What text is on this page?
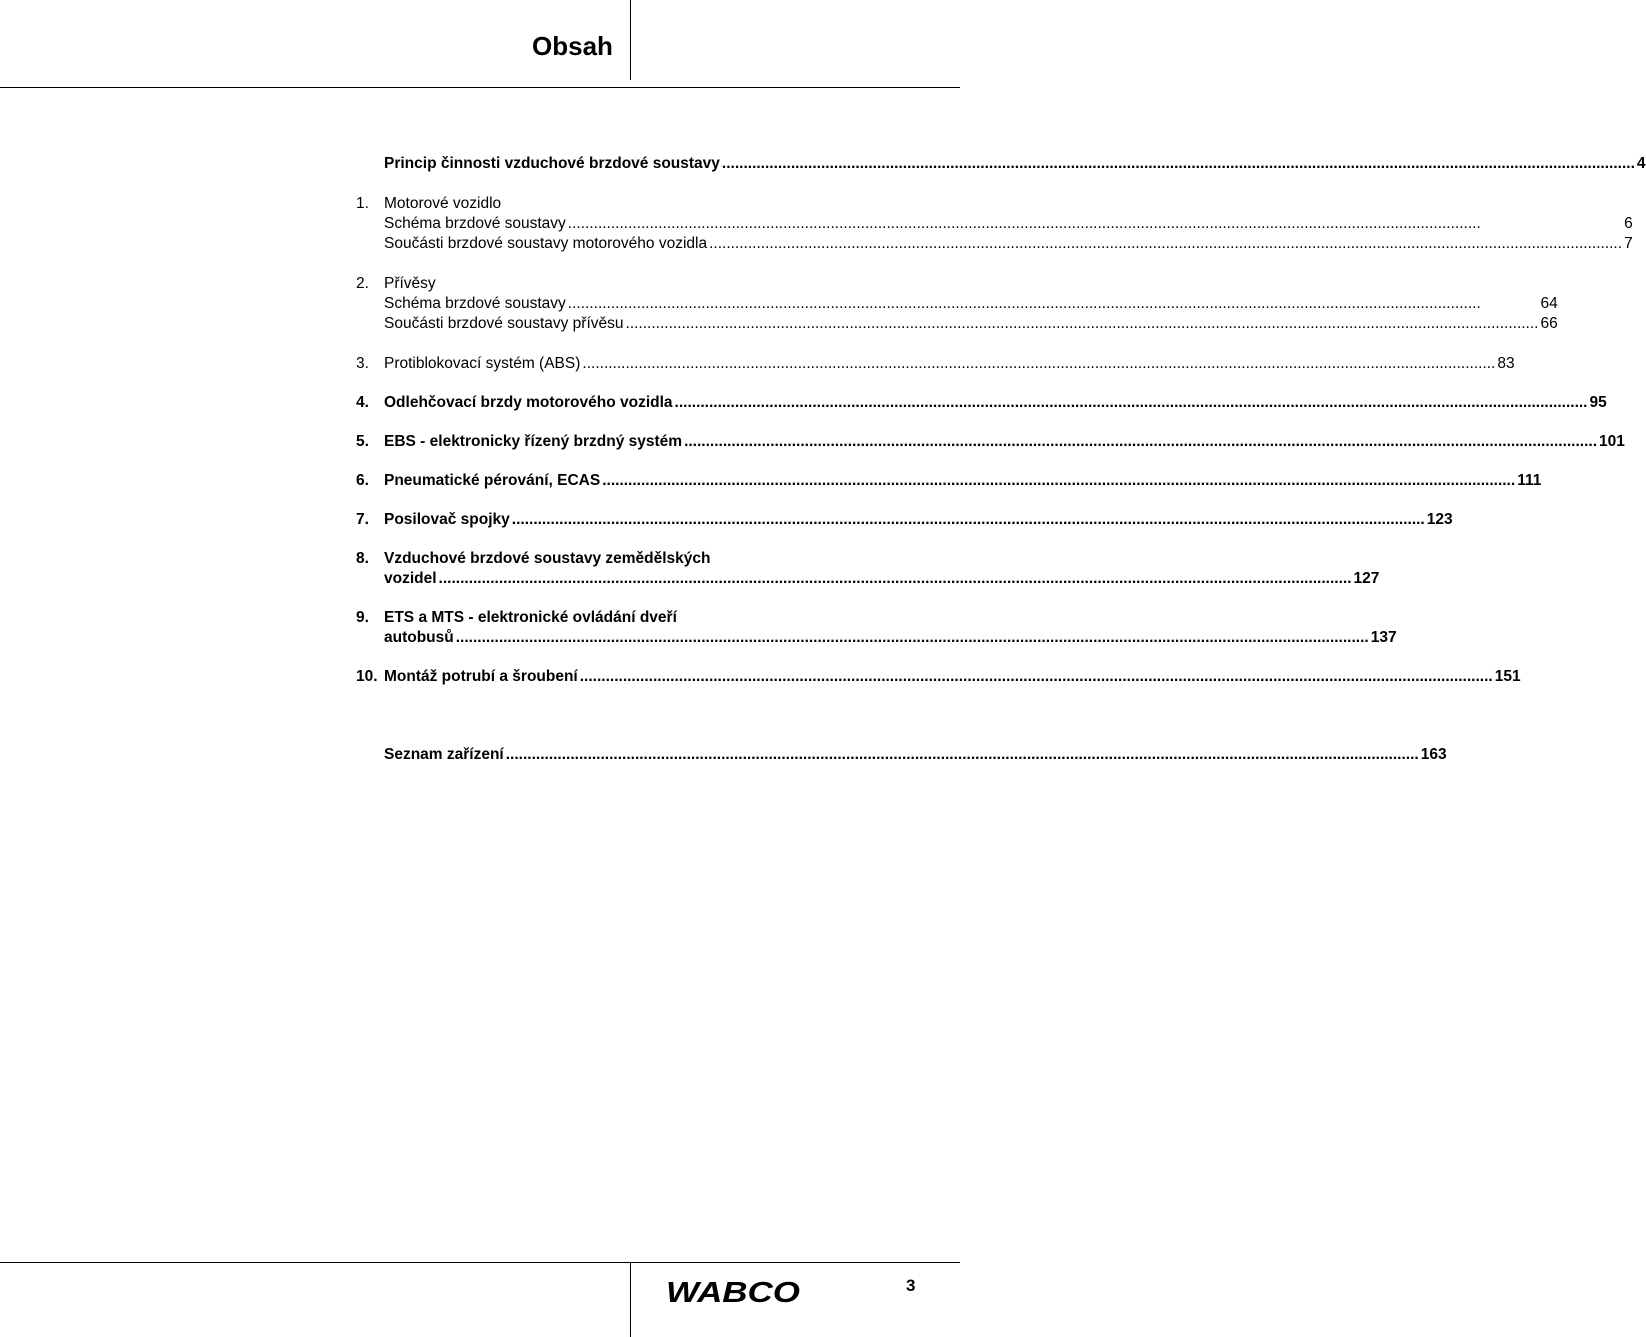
Obsah
Princip činnosti vzduchové brzdové soustavy .....	4
1. Motorové vozidlo
Schéma brzdové soustavy .....	6
Součásti brzdové soustavy motorového vozidla .....	7
2. Přívěsy
Schéma brzdové soustavy .....	64
Součásti brzdové soustavy přívěsu .....	66
3. Protiblokovací systém (ABS) .....	83
4. Odlehčovací brzdy motorového vozidla .....	95
5. EBS - elektronicky řízený brzdný systém .....	101
6. Pneumatické pérování, ECAS .....	111
7. Posilovač spojky .....	123
8. Vzduchové brzdové soustavy zemědělských
vozidel .....	127
9. ETS a MTS - elektronické ovládání dveří
autobusů .....	137
10. Montáž potrubí a šroubení .....	151
Seznam zařízení .....	163
WABCO	3
